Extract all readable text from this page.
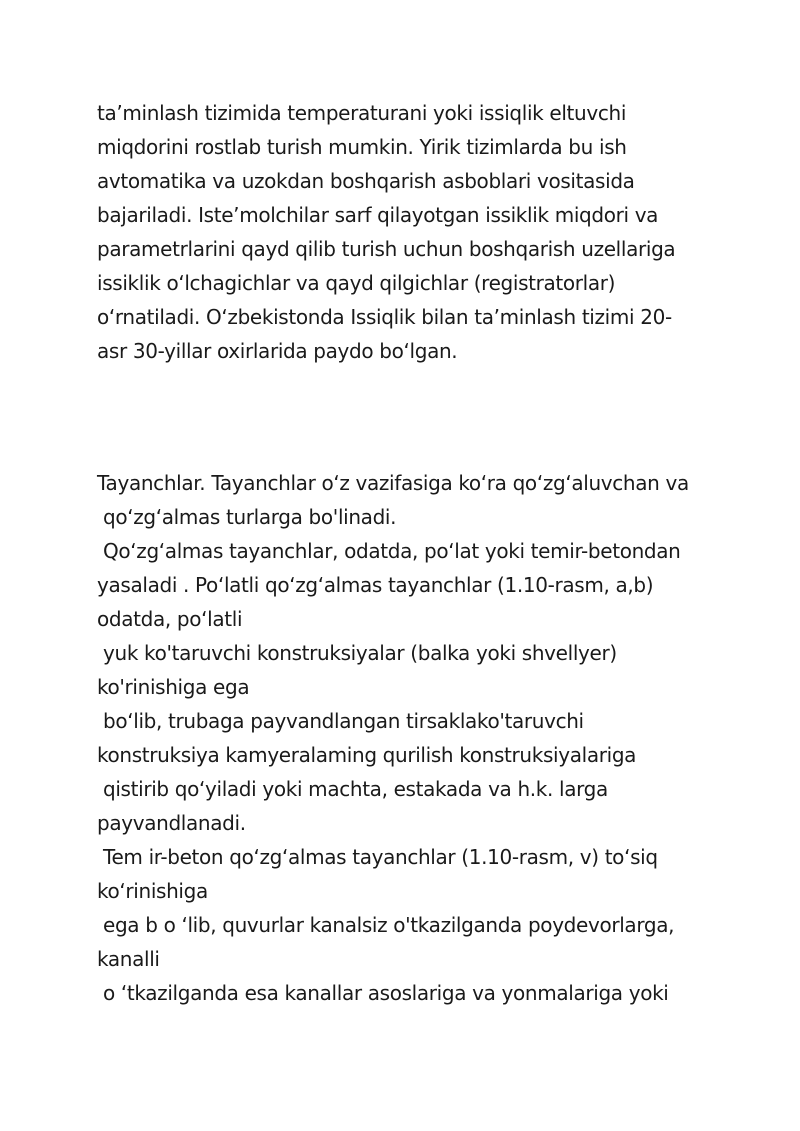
ta’minlash tizimida temperaturani yoki issiqlik eltuvchi
miqdorini rostlab turish mumkin. Yirik tizimlarda bu ish
avtomatika va uzokdan boshqarish asboblari vositasida
bajariladi. Iste’molchilar sarf qilayotgan issiklik miqdori va
parametrlarini qayd qilib turish uchun boshqarish uzellariga
issiklik o‘lchagichlar va qayd qilgichlar (registratorlar)
o‘rnatiladi. O‘zbekistonda Issiqlik bilan ta’minlash tizimi 20-
asr 30-yillar oxirlarida paydo bo‘lgan.
Tayanchlar. Tayanchlar o‘z vazifasiga ko‘ra qo‘zg‘aluvchan va
qo‘zg‘almas turlarga bo'linadi.
Qo‘zg‘almas tayanchlar, odatda, po‘lat yoki temir-betondan
yasaladi . Po‘latli qo‘zg‘almas tayanchlar (1.10-rasm, a,b)
odatda, po‘latli
yuk ko'taruvchi konstruksiyalar (balka yoki shvellyer)
ko'rinishiga ega
bo‘lib, trubaga payvandlangan tirsaklako'taruvchi
konstruksiya kamyeralaming qurilish konstruksiyalariga
qistirib qo‘yiladi yoki machta, estakada va h.k. larga
payvandlanadi.
Tem ir-beton qo‘zg‘almas tayanchlar (1.10-rasm, v) to‘siq
ko‘rinishiga
ega b o ‘lib, quvurlar kanalsiz o'tkazilganda poydevorlarga,
kanalli
o ‘tkazilganda esa kanallar asoslariga va yonmalariga yoki
